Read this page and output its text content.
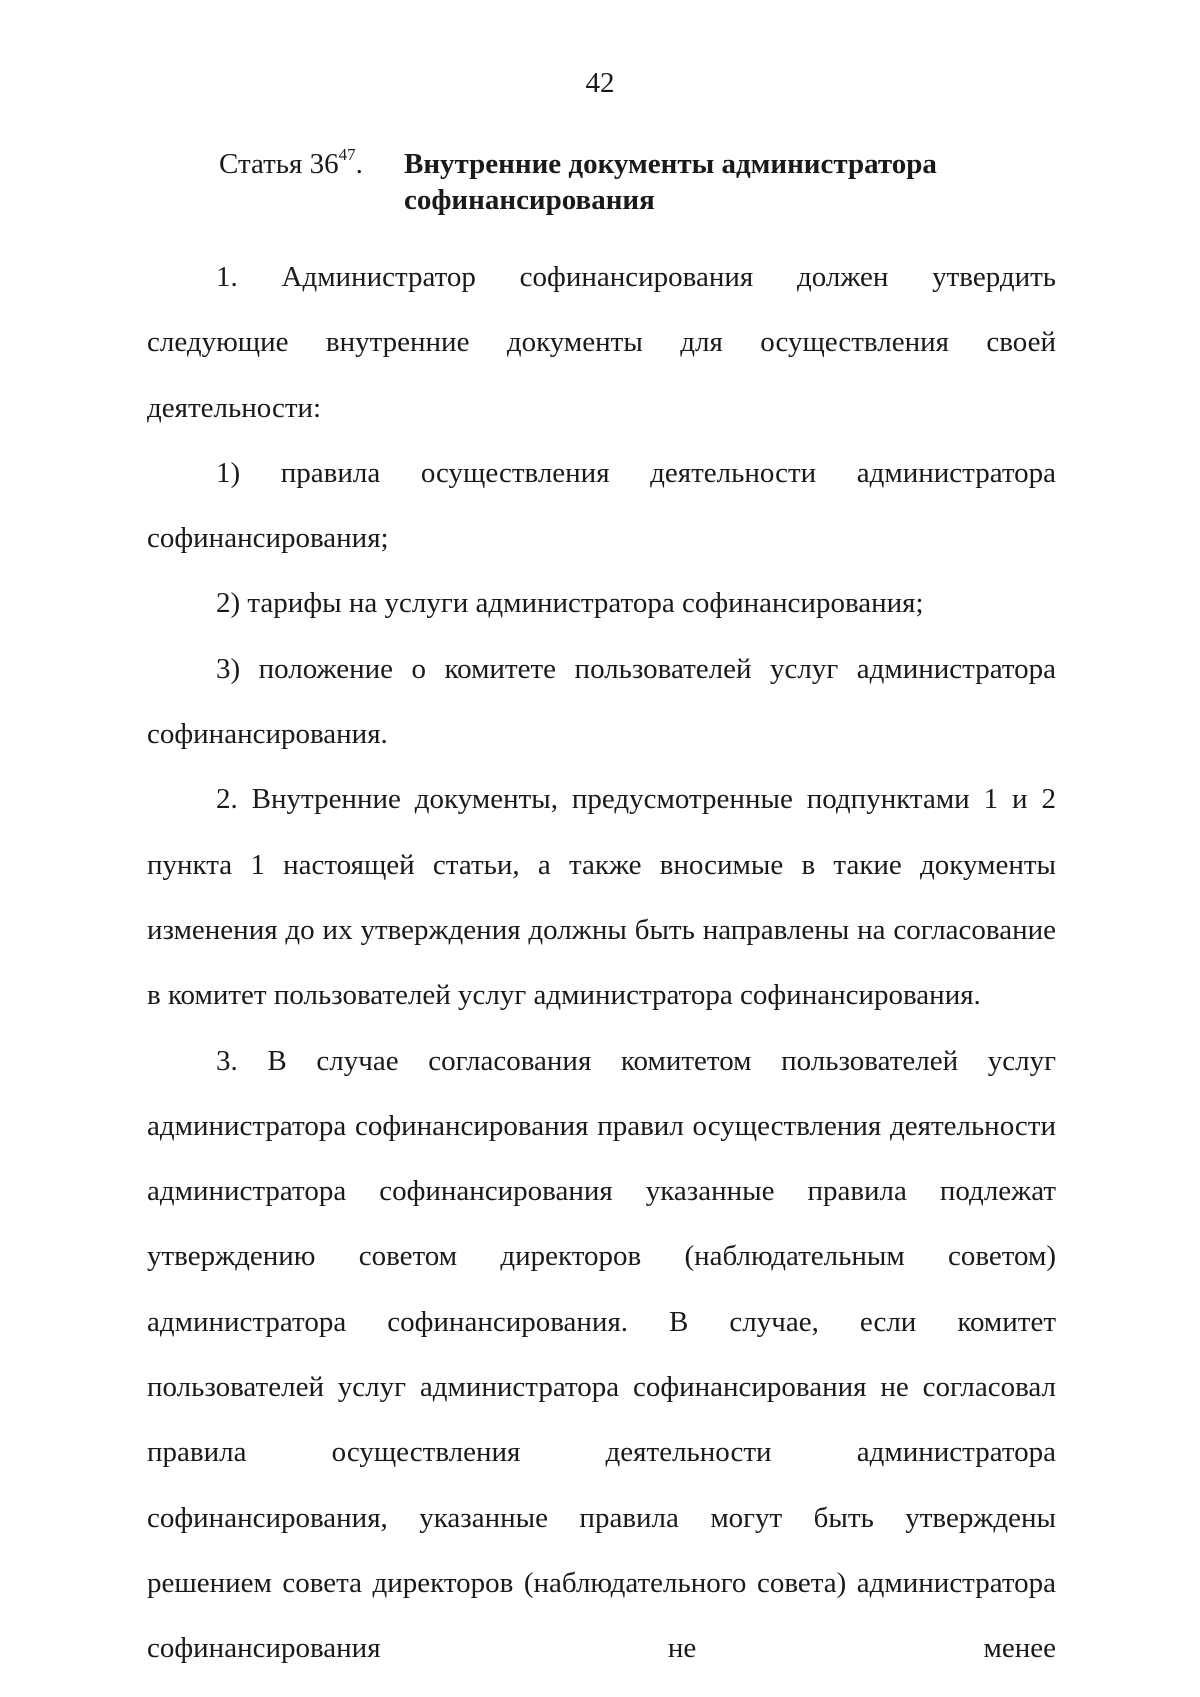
42
Статья $36^{47}$. Внутренние документы администратора софинансирования

1. Администратор софинансирования должен утвердить следующие внутренние документы для осуществления своей деятельности:

1) правила осуществления деятельности администратора

софинансирования;

2) тарифы на услуги администратора софинансирования;

3) положение о комитете пользователей услуг администратора софинансирования.

2. Внутренние документы, предусмотренные подпунктами 1 и 2 пункта 1 настоящей статьи, а также вносимые в такие документы изменения до их утверждения должны быть направлены на согласование в комитет пользователей услуг администратора софинансирования.

3. В случае согласования комитетом пользователей услуг администратора софинансирования правил осуществления деятельности администратора софинансирования указанные правила подлежат утверждению советом директоров (наблюдательным советом) администратора софинансирования. В случае, если комитет пользователей услуг администратора софинансирования не согласовал правила осуществления деятельности администратора софинансирования, указанные правила могут быть утверждены решением совета директоров (наблюдательного совета) администратора софинансирования не менее
